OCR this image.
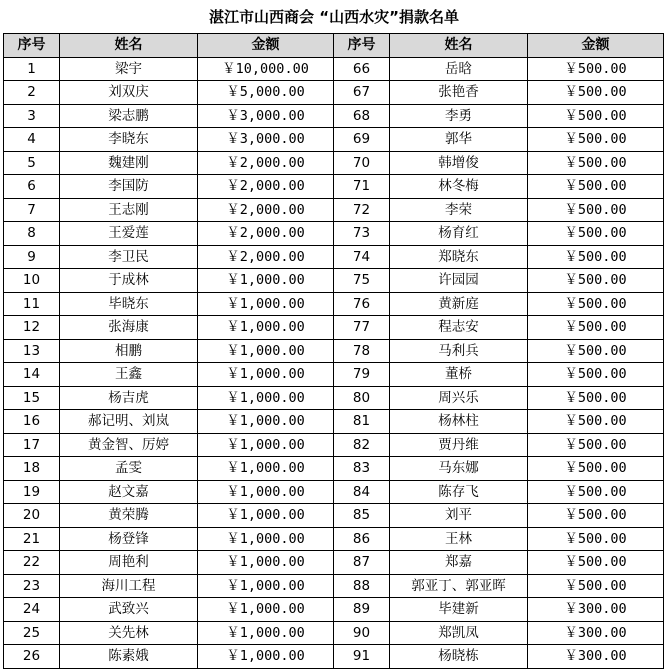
湛江市山西商会 “山西水灾”捐款名单
序号	姓名	金额	序号	姓名	金额
1	梁宇	￥10,000.00	66	岳晗	￥500.00
2	刘双庆	￥5,000.00	67	张艳香	￥500.00
3	梁志鹏	￥3,000.00	68	李勇	￥500.00
4	李晓东	￥3,000.00	69	郭华	￥500.00
5	魏建刚	￥2,000.00	70	韩增俊	￥500.00
6	李国防	￥2,000.00	71	林冬梅	￥500.00
7	王志刚	￥2,000.00	72	李荣	￥500.00
8	王爱莲	￥2,000.00	73	杨育红	￥500.00
9	李卫民	￥2,000.00	74	郑晓东	￥500.00
10	于成林	￥1,000.00	75	许园园	￥500.00
11	毕晓东	￥1,000.00	76	黄新庭	￥500.00
12	张海康	￥1,000.00	77	程志安	￥500.00
13	相鹏	￥1,000.00	78	马利兵	￥500.00
14	王鑫	￥1,000.00	79	董桥	￥500.00
15	杨吉虎	￥1,000.00	80	周兴乐	￥500.00
16	郝记明、刘岚	￥1,000.00	81	杨林柱	￥500.00
17	黄金智、厉婷	￥1,000.00	82	贾丹维	￥500.00
18	孟雯	￥1,000.00	83	马东娜	￥500.00
19	赵文嘉	￥1,000.00	84	陈存飞	￥500.00
20	黄荣腾	￥1,000.00	85	刘平	￥500.00
21	杨登锋	￥1,000.00	86	王林	￥500.00
22	周艳利	￥1,000.00	87	郑嘉	￥500.00
23	海川工程	￥1,000.00	88	郭亚丁、郭亚晖	￥500.00
24	武致兴	￥1,000.00	89	毕建新	￥300.00
25	关先林	￥1,000.00	90	郑凯凤	￥300.00
26	陈素娥	￥1,000.00	91	杨晓栋	￥300.00
